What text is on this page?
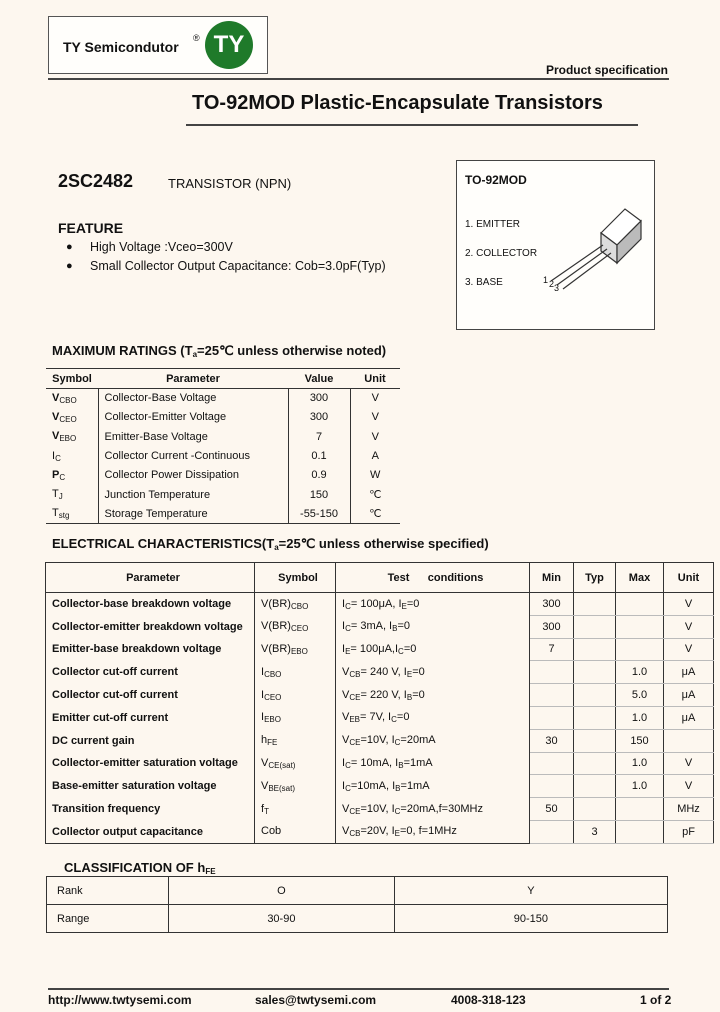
TY Semicondutor
® TY
Product specification
TO-92MOD Plastic-Encapsulate Transistors
2SC2482	TRANSISTOR (NPN)
FEATURE
● High Voltage :Vceo=300V
● Small Collector Output Capacitance: Cob=3.0pF(Typ)
TO-92MOD
1. EMITTER
2. COLLECTOR
3. BASE	1 2 3
MAXIMUM RATINGS ($T_a=25℃$ unless otherwise noted)
Symbol	Parameter	Value	Unit
$V_{CBO}$	Collector-Base Voltage	300	V
$V_{CEO}$	Collector-Emitter Voltage	300	V
$V_{EBO}$	Emitter-Base Voltage	7	V
$I_C$	Collector Current -Continuous	0.1	A
$P_C$	Collector Power Dissipation	0.9	W
$T_J$	Junction Temperature	150	℃
$T_{stg}$	Storage Temperature	-55-150	℃
ELECTRICAL $CHARACTERISTICS(T_a=25℃$ unless otherwise specified)
Parameter	Symbol	Test      conditions	Min	Typ	Max	Unit
Collector-base breakdown voltage	$V(BR)_{CBO}$	$I_C= 100\mu A$, $I_E=0$	300			V
Collector-emitter breakdown voltage	$V(BR)_{CEO}$	$I_C= 3mA$, $I_B=0$	300			V
Emitter-base breakdown voltage	$V(BR)_{EBO}$	$I_E= 100\mu A,I_C=0$	7			V
Collector cut-off current	$I_{CBO}$	$V_{CB}= 240$ V, $I_E=0$			1.0	μA
Collector cut-off current	$I_{CEO}$	$V_{CE}= 220$ V, $I_B=0$			5.0	μA
Emitter cut-off current	$I_{EBO}$	$V_{EB}= 7V$, $I_C=0$			1.0	μA
DC current gain	$h_{FE}$	$V_{CE}=10V$, $I_C=20mA$	30		150	
Collector-emitter saturation voltage	$V_{CE(sat)}$	$I_C= 10mA$, $I_B=1mA$			1.0	V
Base-emitter saturation voltage	$V_{BE(sat)}$	$I_C=10mA$, $I_B=1mA$			1.0	V
Transition frequency	$f_T$	$V_{CE}=10V$, $I_C=20mA,f=30MHz$	50			MHz
Collector output capacitance	Cob	$V_{CB}=20V$, $I_E=0$, f=1MHz		3		pF
CLASSIFICATION OF $h_{FE}$
Rank	O	Y
Range	30-90	90-150
http://www.twtysemi.com	sales@twtysemi.com	4008-318-123	1 of 2
